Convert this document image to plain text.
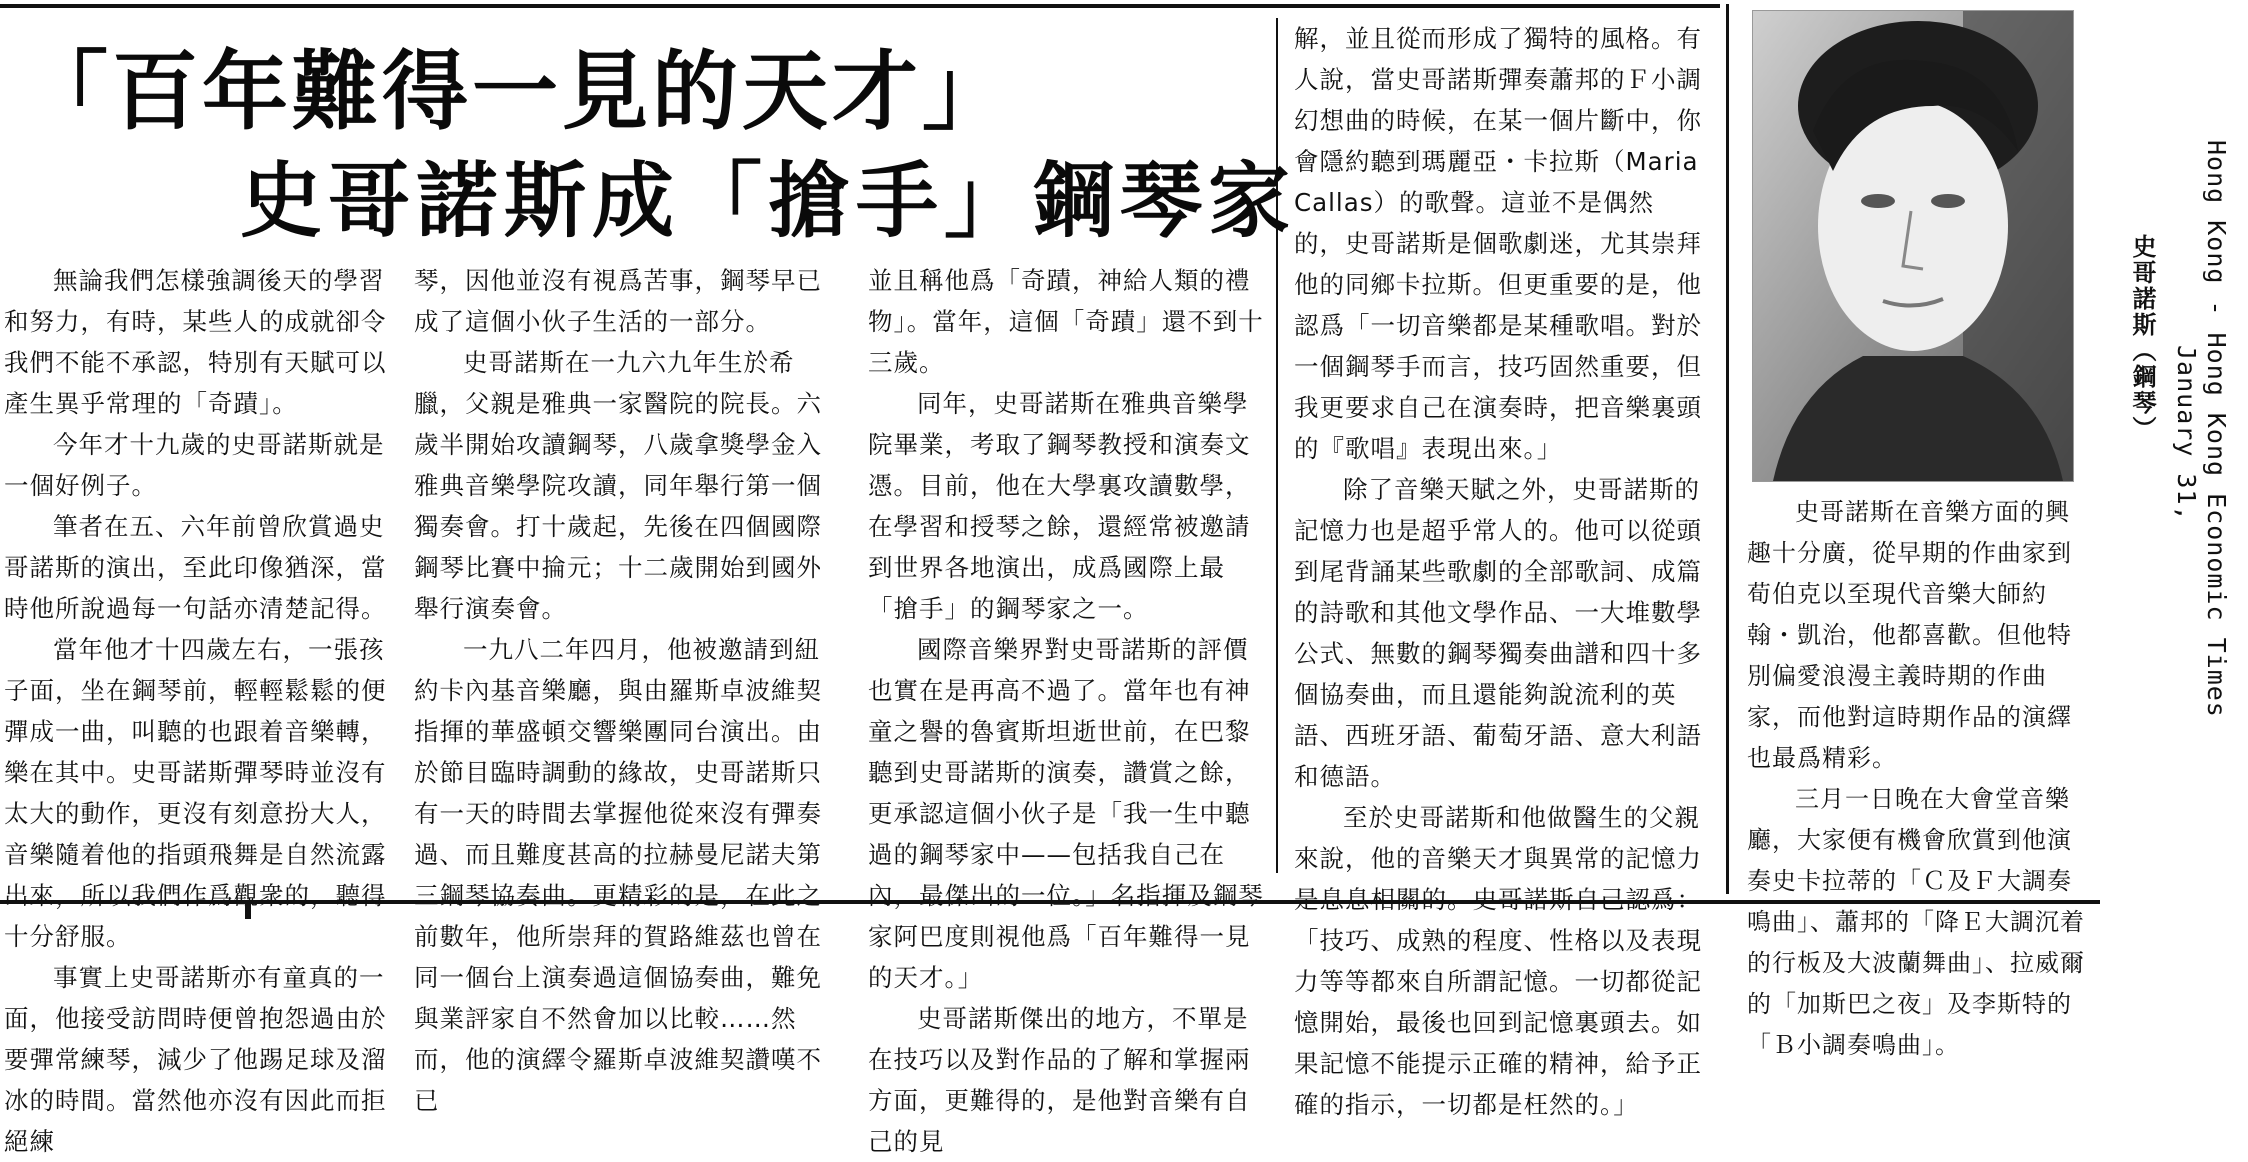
「百年難得一見的天才」
史哥諾斯成「搶手」鋼琴家

無論我們怎樣強調後天的學習和努力，有時，某些人的成就卻令我們不能不承認，特別有天賦可以產生異乎常理的「奇蹟」。

今年才十九歲的史哥諾斯就是一個好例子。

筆者在五、六年前曾欣賞過史哥諾斯的演出，至此印像猶深，當時他所說過每一句話亦清楚記得。

當年他才十四歲左右，一張孩子面，坐在鋼琴前，輕輕鬆鬆的便彈成一曲，叫聽的也跟着音樂轉，樂在其中。史哥諾斯彈琴時並沒有太大的動作，更沒有刻意扮大人，音樂隨着他的指頭飛舞是自然流露出來，所以我們作爲觀衆的，聽得十分舒服。

事實上史哥諾斯亦有童真的一面，他接受訪問時便曾抱怨過由於要彈常練琴，減少了他踢足球及溜冰的時間。當然他亦沒有因此而拒絕練

琴，因他並沒有視爲苦事，鋼琴早已成了這個小伙子生活的一部分。

史哥諾斯在一九六九年生於希臘，父親是雅典一家醫院的院長。六歲半開始攻讀鋼琴，八歲拿獎學金入雅典音樂學院攻讀，同年舉行第一個獨奏會。打十歲起，先後在四個國際鋼琴比賽中掄元；十二歲開始到國外舉行演奏會。

一九八二年四月，他被邀請到紐約卡內基音樂廳，與由羅斯卓波維契指揮的華盛頓交響樂團同台演出。由於節目臨時調動的緣故，史哥諾斯只有一天的時間去掌握他從來沒有彈奏過、而且難度甚高的拉赫曼尼諾夫第三鋼琴協奏曲。更精彩的是，在此之前數年，他所崇拜的賀路維茲也曾在同一個台上演奏過這個協奏曲，難免與業評家自不然會加以比較……然而，他的演繹令羅斯卓波維契讚嘆不已

並且稱他爲「奇蹟，神給人類的禮物」。當年，這個「奇蹟」還不到十三歲。

同年，史哥諾斯在雅典音樂學院畢業，考取了鋼琴教授和演奏文憑。目前，他在大學裏攻讀數學，在學習和授琴之餘，還經常被邀請到世界各地演出，成爲國際上最「搶手」的鋼琴家之一。

國際音樂界對史哥諾斯的評價也實在是再高不過了。當年也有神童之譽的魯賓斯坦逝世前，在巴黎聽到史哥諾斯的演奏，讚賞之餘，更承認這個小伙子是「我一生中聽過的鋼琴家中——包括我自己在內，最傑出的一位。」名指揮及鋼琴家阿巴度則視他爲「百年難得一見的天才。」

史哥諾斯傑出的地方，不單是在技巧以及對作品的了解和掌握兩方面，更難得的，是他對音樂有自己的見

解，並且從而形成了獨特的風格。有人說，當史哥諾斯彈奏蕭邦的Ｆ小調幻想曲的時候，在某一個片斷中，你會隱約聽到瑪麗亞・卡拉斯（Maria Callas）的歌聲。這並不是偶然的，史哥諾斯是個歌劇迷，尤其崇拜他的同鄉卡拉斯。但更重要的是，他認爲「一切音樂都是某種歌唱。對於一個鋼琴手而言，技巧固然重要，但我更要求自己在演奏時，把音樂裏頭的『歌唱』表現出來。」

除了音樂天賦之外，史哥諾斯的記憶力也是超乎常人的。他可以從頭到尾背誦某些歌劇的全部歌詞、成篇的詩歌和其他文學作品、一大堆數學公式、無數的鋼琴獨奏曲譜和四十多個協奏曲，而且還能夠說流利的英語、西班牙語、葡萄牙語、意大利語和德語。

至於史哥諾斯和他做醫生的父親來說，他的音樂天才與異常的記憶力是息息相關的。史哥諾斯自己認爲：「技巧、成熟的程度、性格以及表現力等等都來自所謂記憶。一切都從記憶開始，最後也回到記憶裏頭去。如果記憶不能提示正確的精神，給予正確的指示，一切都是枉然的。」

史哥諾斯（鋼琴）

史哥諾斯在音樂方面的興趣十分廣，從早期的作曲家到荀伯克以至現代音樂大師約翰・凱治，他都喜歡。但他特別偏愛浪漫主義時期的作曲家，而他對這時期作品的演繹也最爲精彩。

三月一日晚在大會堂音樂廳，大家便有機會欣賞到他演奏史卡拉蒂的「Ｃ及Ｆ大調奏鳴曲」、蕭邦的「降Ｅ大調沉着的行板及大波蘭舞曲」、拉威爾的「加斯巴之夜」及李斯特的「Ｂ小調奏鳴曲」。

Hong Kong - Hong Kong Economic Times
January 31,
